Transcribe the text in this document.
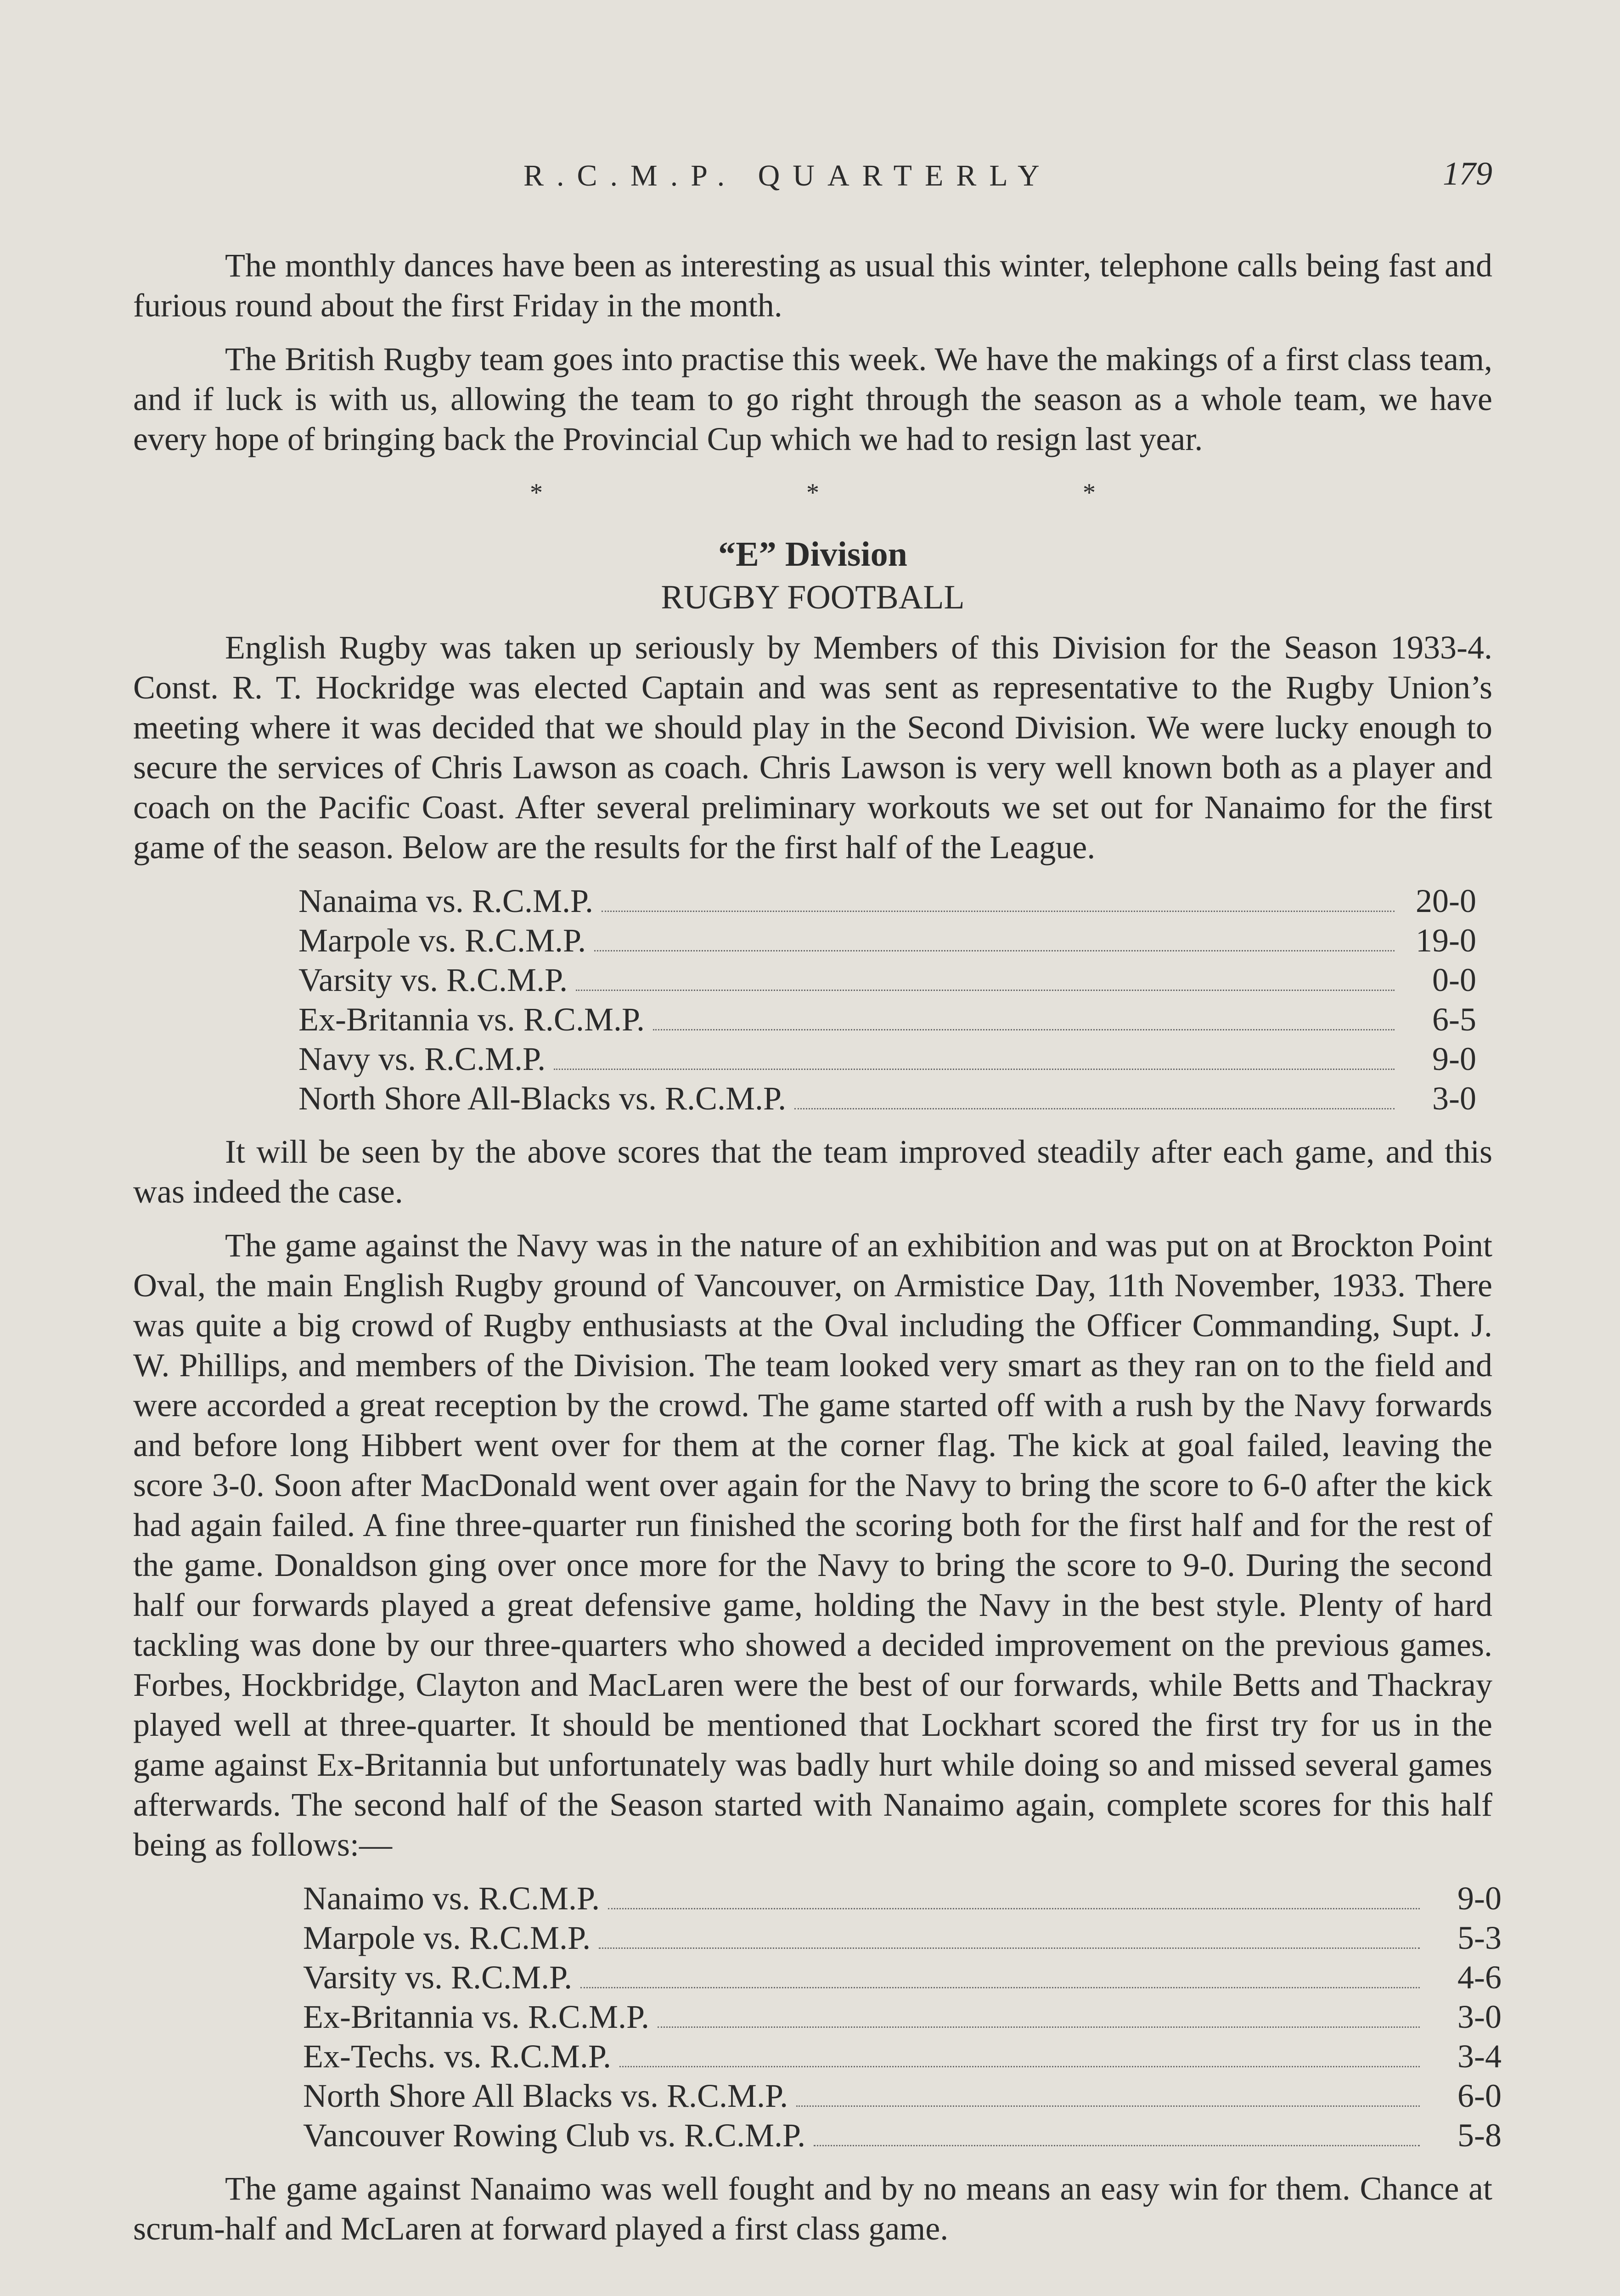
R.C.M.P. QUARTERLY	179

The monthly dances have been as interesting as usual this winter, telephone calls being fast and furious round about the first Friday in the month.

The British Rugby team goes into practise this week. We have the makings of a first class team, and if luck is with us, allowing the team to go right through the season as a whole team, we have every hope of bringing back the Provincial Cup which we had to resign last year.

* * *
“E” Division
RUGBY FOOTBALL

English Rugby was taken up seriously by Members of this Division for the Season 1933-4. Const. R. T. Hockridge was elected Captain and was sent as representative to the Rugby Union’s meeting where it was decided that we should play in the Second Division. We were lucky enough to secure the services of Chris Lawson as coach. Chris Lawson is very well known both as a player and coach on the Pacific Coast. After several preliminary workouts we set out for Nanaimo for the first game of the season. Below are the results for the first half of the League.

Nanaima vs. R.C.M.P.	20-0
Marpole vs. R.C.M.P.	19-0
Varsity vs. R.C.M.P.	0-0
Ex-Britannia vs. R.C.M.P.	6-5
Navy vs. R.C.M.P.	9-0
North Shore All-Blacks vs. R.C.M.P.	3-0

It will be seen by the above scores that the team improved steadily after each game, and this was indeed the case.

The game against the Navy was in the nature of an exhibition and was put on at Brockton Point Oval, the main English Rugby ground of Vancouver, on Armistice Day, 11th November, 1933. There was quite a big crowd of Rugby enthusiasts at the Oval including the Officer Commanding, Supt. J. W. Phillips, and members of the Division. The team looked very smart as they ran on to the field and were accorded a great reception by the crowd. The game started off with a rush by the Navy forwards and before long Hibbert went over for them at the corner flag. The kick at goal failed, leaving the score 3-0. Soon after MacDonald went over again for the Navy to bring the score to 6-0 after the kick had again failed. A fine three-quarter run finished the scoring both for the first half and for the rest of the game. Donaldson ging over once more for the Navy to bring the score to 9-0. During the second half our forwards played a great defensive game, holding the Navy in the best style. Plenty of hard tackling was done by our three-quarters who showed a decided improvement on the previous games. Forbes, Hockbridge, Clayton and MacLaren were the best of our forwards, while Betts and Thackray played well at three-quarter. It should be mentioned that Lockhart scored the first try for us in the game against Ex-Britannia but unfortunately was badly hurt while doing so and missed several games afterwards. The second half of the Season started with Nanaimo again, complete scores for this half being as follows:—

Nanaimo vs. R.C.M.P.	9-0
Marpole vs. R.C.M.P.	5-3
Varsity vs. R.C.M.P.	4-6
Ex-Britannia vs. R.C.M.P.	3-0
Ex-Techs. vs. R.C.M.P.	3-4
North Shore All Blacks vs. R.C.M.P.	6-0
Vancouver Rowing Club vs. R.C.M.P.	5-8

The game against Nanaimo was well fought and by no means an easy win for them. Chance at scrum-half and McLaren at forward played a first class game.
